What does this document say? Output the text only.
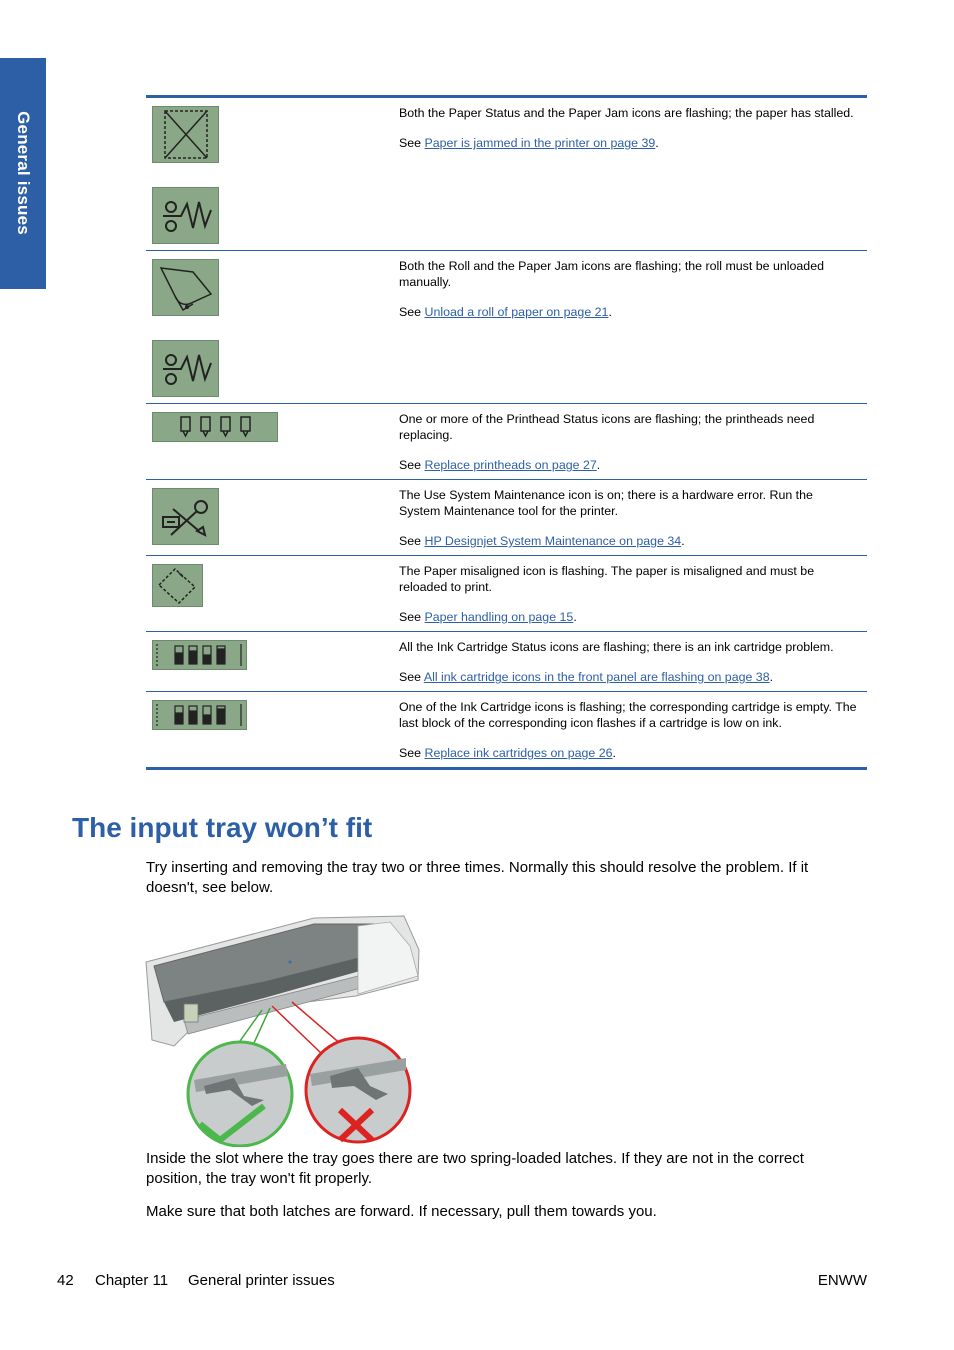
General issues
		Both the Paper Status and the Paper Jam icons are flashing; the paper has stalled.

See Paper is jammed in the printer on page 39.

Both the Roll and the Paper Jam icons are flashing; the roll must be unloaded manually.

See Unload a roll of paper on page 21.

One or more of the Printhead Status icons are flashing; the printheads need replacing.

See Replace printheads on page 27.

The Use System Maintenance icon is on; there is a hardware error. Run the System Maintenance tool for the printer.

See HP Designjet System Maintenance on page 34.

The Paper misaligned icon is flashing. The paper is misaligned and must be reloaded to print.

See Paper handling on page 15.

All the Ink Cartridge Status icons are flashing; there is an ink cartridge problem.

See All ink cartridge icons in the front panel are flashing on page 38.

One of the Ink Cartridge icons is flashing; the corresponding cartridge is empty. The last block of the corresponding icon flashes if a cartridge is low on ink.

See Replace ink cartridges on page 26.

The input tray won’t fit

Try inserting and removing the tray two or three times. Normally this should resolve the problem. If it doesn't, see below.

Inside the slot where the tray goes there are two spring-loaded latches. If they are not in the correct position, the tray won't fit properly.

Make sure that both latches are forward. If necessary, pull them towards you.

42 Chapter 11 General printer issues	ENWW
